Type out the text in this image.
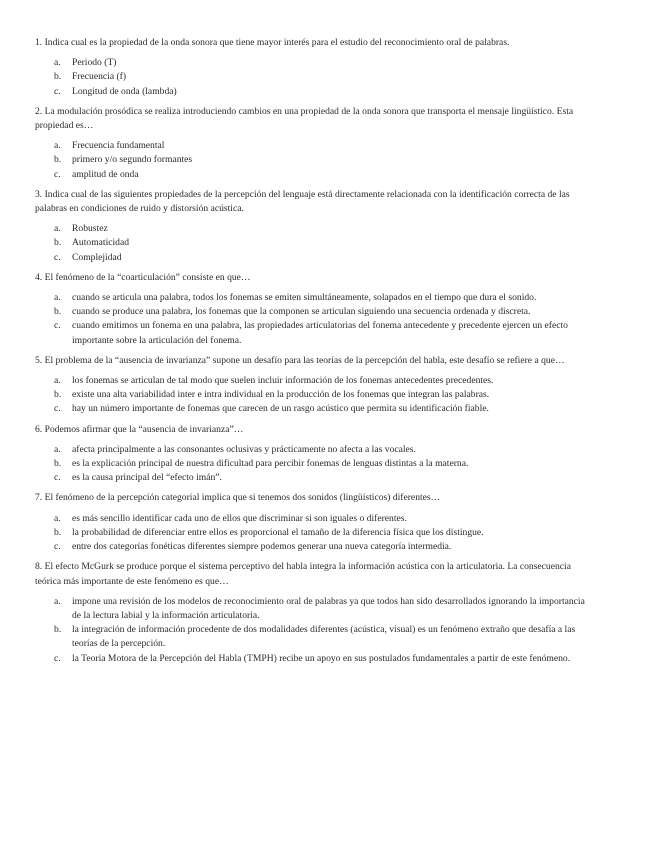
1. Indica cual es la propiedad de la onda sonora que tiene mayor interés para el estudio del reconocimiento oral de palabras.

a. Periodo (T)
b. Frecuencia (f)
c. Longitud de onda (lambda)

2. La modulación prosódica se realiza introduciendo cambios en una propiedad de la onda sonora que transporta el mensaje lingüístico. Esta propiedad es…

a. Frecuencia fundamental
b. primero y/o segundo formantes
c. amplitud de onda

3. Indica cual de las siguientes propiedades de la percepción del lenguaje está directamente relacionada con la identificación correcta de las palabras en condiciones de ruido y distorsión acústica.

a. Robustez
b. Automaticidad
c. Complejidad

4. El fenómeno de la “coarticulación” consiste en que…

a. cuando se articula una palabra, todos los fonemas se emiten simultáneamente, solapados en el tiempo que dura el sonido.
b. cuando se produce una palabra, los fonemas que la componen se articulan siguiendo una secuencia ordenada y discreta.
c. cuando emitimos un fonema en una palabra, las propiedades articulatorias del fonema antecedente y precedente ejercen un efecto importante sobre la articulación del fonema.

5. El problema de la “ausencia de invarianza” supone un desafío para las teorías de la percepción del habla, este desafío se refiere a que…

a. los fonemas se articulan de tal modo que suelen incluir información de los fonemas antecedentes precedentes.
b. existe una alta variabilidad inter e intra individual en la producción de los fonemas que integran las palabras.
c. hay un número importante de fonemas que carecen de un rasgo acústico que permita su identificación fiable.

6. Podemos afirmar que la “ausencia de invarianza”…

a. afecta principalmente a las consonantes oclusivas y prácticamente no afecta a las vocales.
b. es la explicación principal de nuestra dificultad para percibir fonemas de lenguas distintas a la materna.
c. es la causa principal del “efecto imán”.

7. El fenómeno de la percepción categorial implica que si tenemos dos sonidos (lingüísticos) diferentes…

a. es más sencillo identificar cada uno de ellos que discriminar si son iguales o diferentes.
b. la probabilidad de diferenciar entre ellos es proporcional el tamaño de la diferencia física que los distingue.
c. entre dos categorías fonéticas diferentes siempre podemos generar una nueva categoría intermedia.

8. El efecto McGurk se produce porque el sistema perceptivo del habla integra la información acústica con la articulatoria. La consecuencia teórica más importante de este fenómeno es que…

a. impone una revisión de los modelos de reconocimiento oral de palabras ya que todos han sido desarrollados ignorando la importancia de la lectura labial y la información articulatoria.
b. la integración de información procedente de dos modalidades diferentes (acústica, visual) es un fenómeno extraño que desafía a las teorías de la percepción.
c. la Teoría Motora de la Percepción del Habla (TMPH) recibe un apoyo en sus postulados fundamentales a partir de este fenómeno.
